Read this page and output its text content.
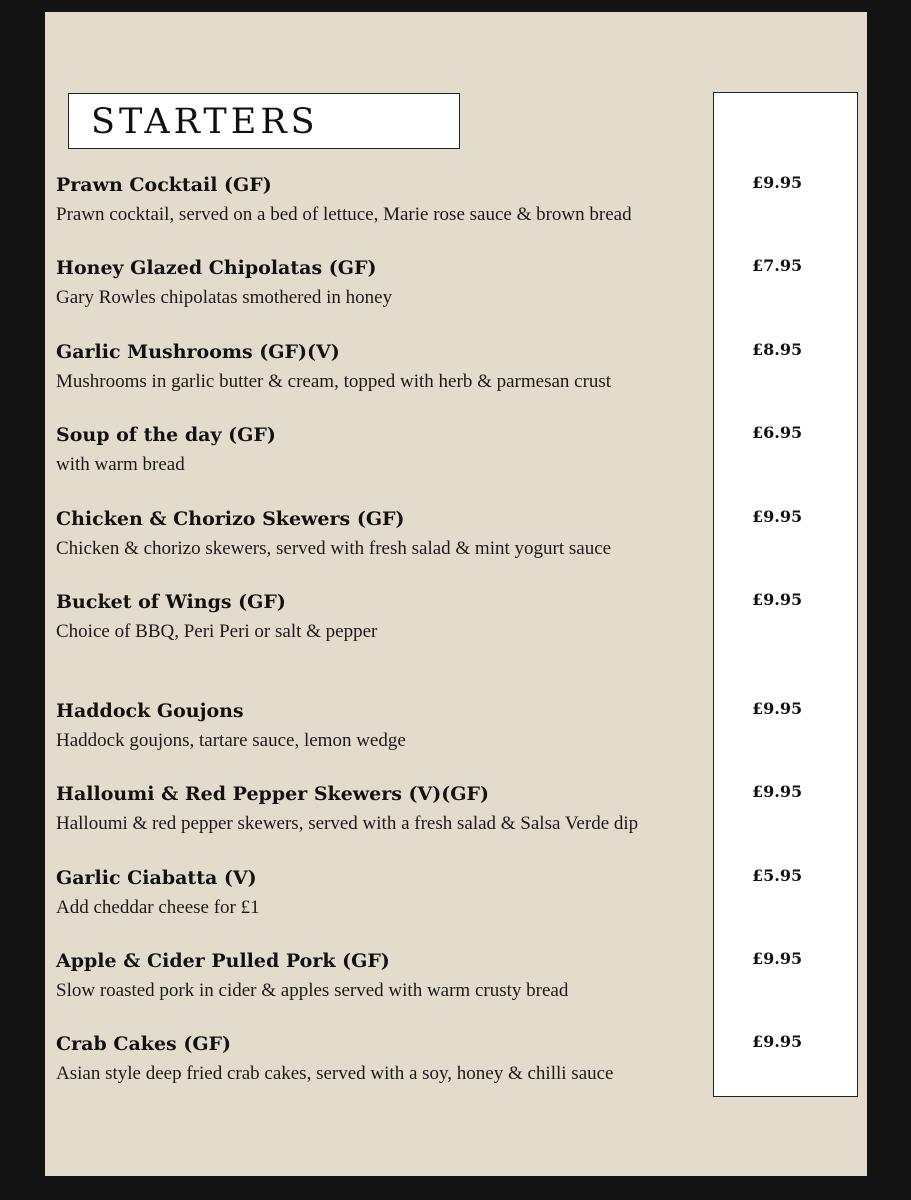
STARTERS
Prawn Cocktail (GF)
Prawn cocktail, served on a bed of lettuce, Marie rose sauce & brown bread
£9.95
Honey Glazed Chipolatas (GF)
Gary Rowles chipolatas smothered in honey
£7.95
Garlic Mushrooms (GF)(V)
Mushrooms in garlic butter & cream, topped with herb & parmesan crust
£8.95
Soup of the day (GF)
with warm bread
£6.95
Chicken & Chorizo Skewers (GF)
Chicken & chorizo skewers, served with fresh salad & mint yogurt sauce
£9.95
Bucket of Wings (GF)
Choice of BBQ, Peri Peri or salt & pepper
£9.95
Haddock Goujons
Haddock goujons, tartare sauce, lemon wedge
£9.95
Halloumi & Red Pepper Skewers (V)(GF)
Halloumi & red pepper skewers, served with a fresh salad & Salsa Verde dip
£9.95
Garlic Ciabatta (V)
Add cheddar cheese for £1
£5.95
Apple & Cider Pulled Pork (GF)
Slow roasted pork in cider & apples served with warm crusty bread
£9.95
Crab Cakes (GF)
Asian style deep fried crab cakes, served with a soy, honey & chilli sauce
£9.95
